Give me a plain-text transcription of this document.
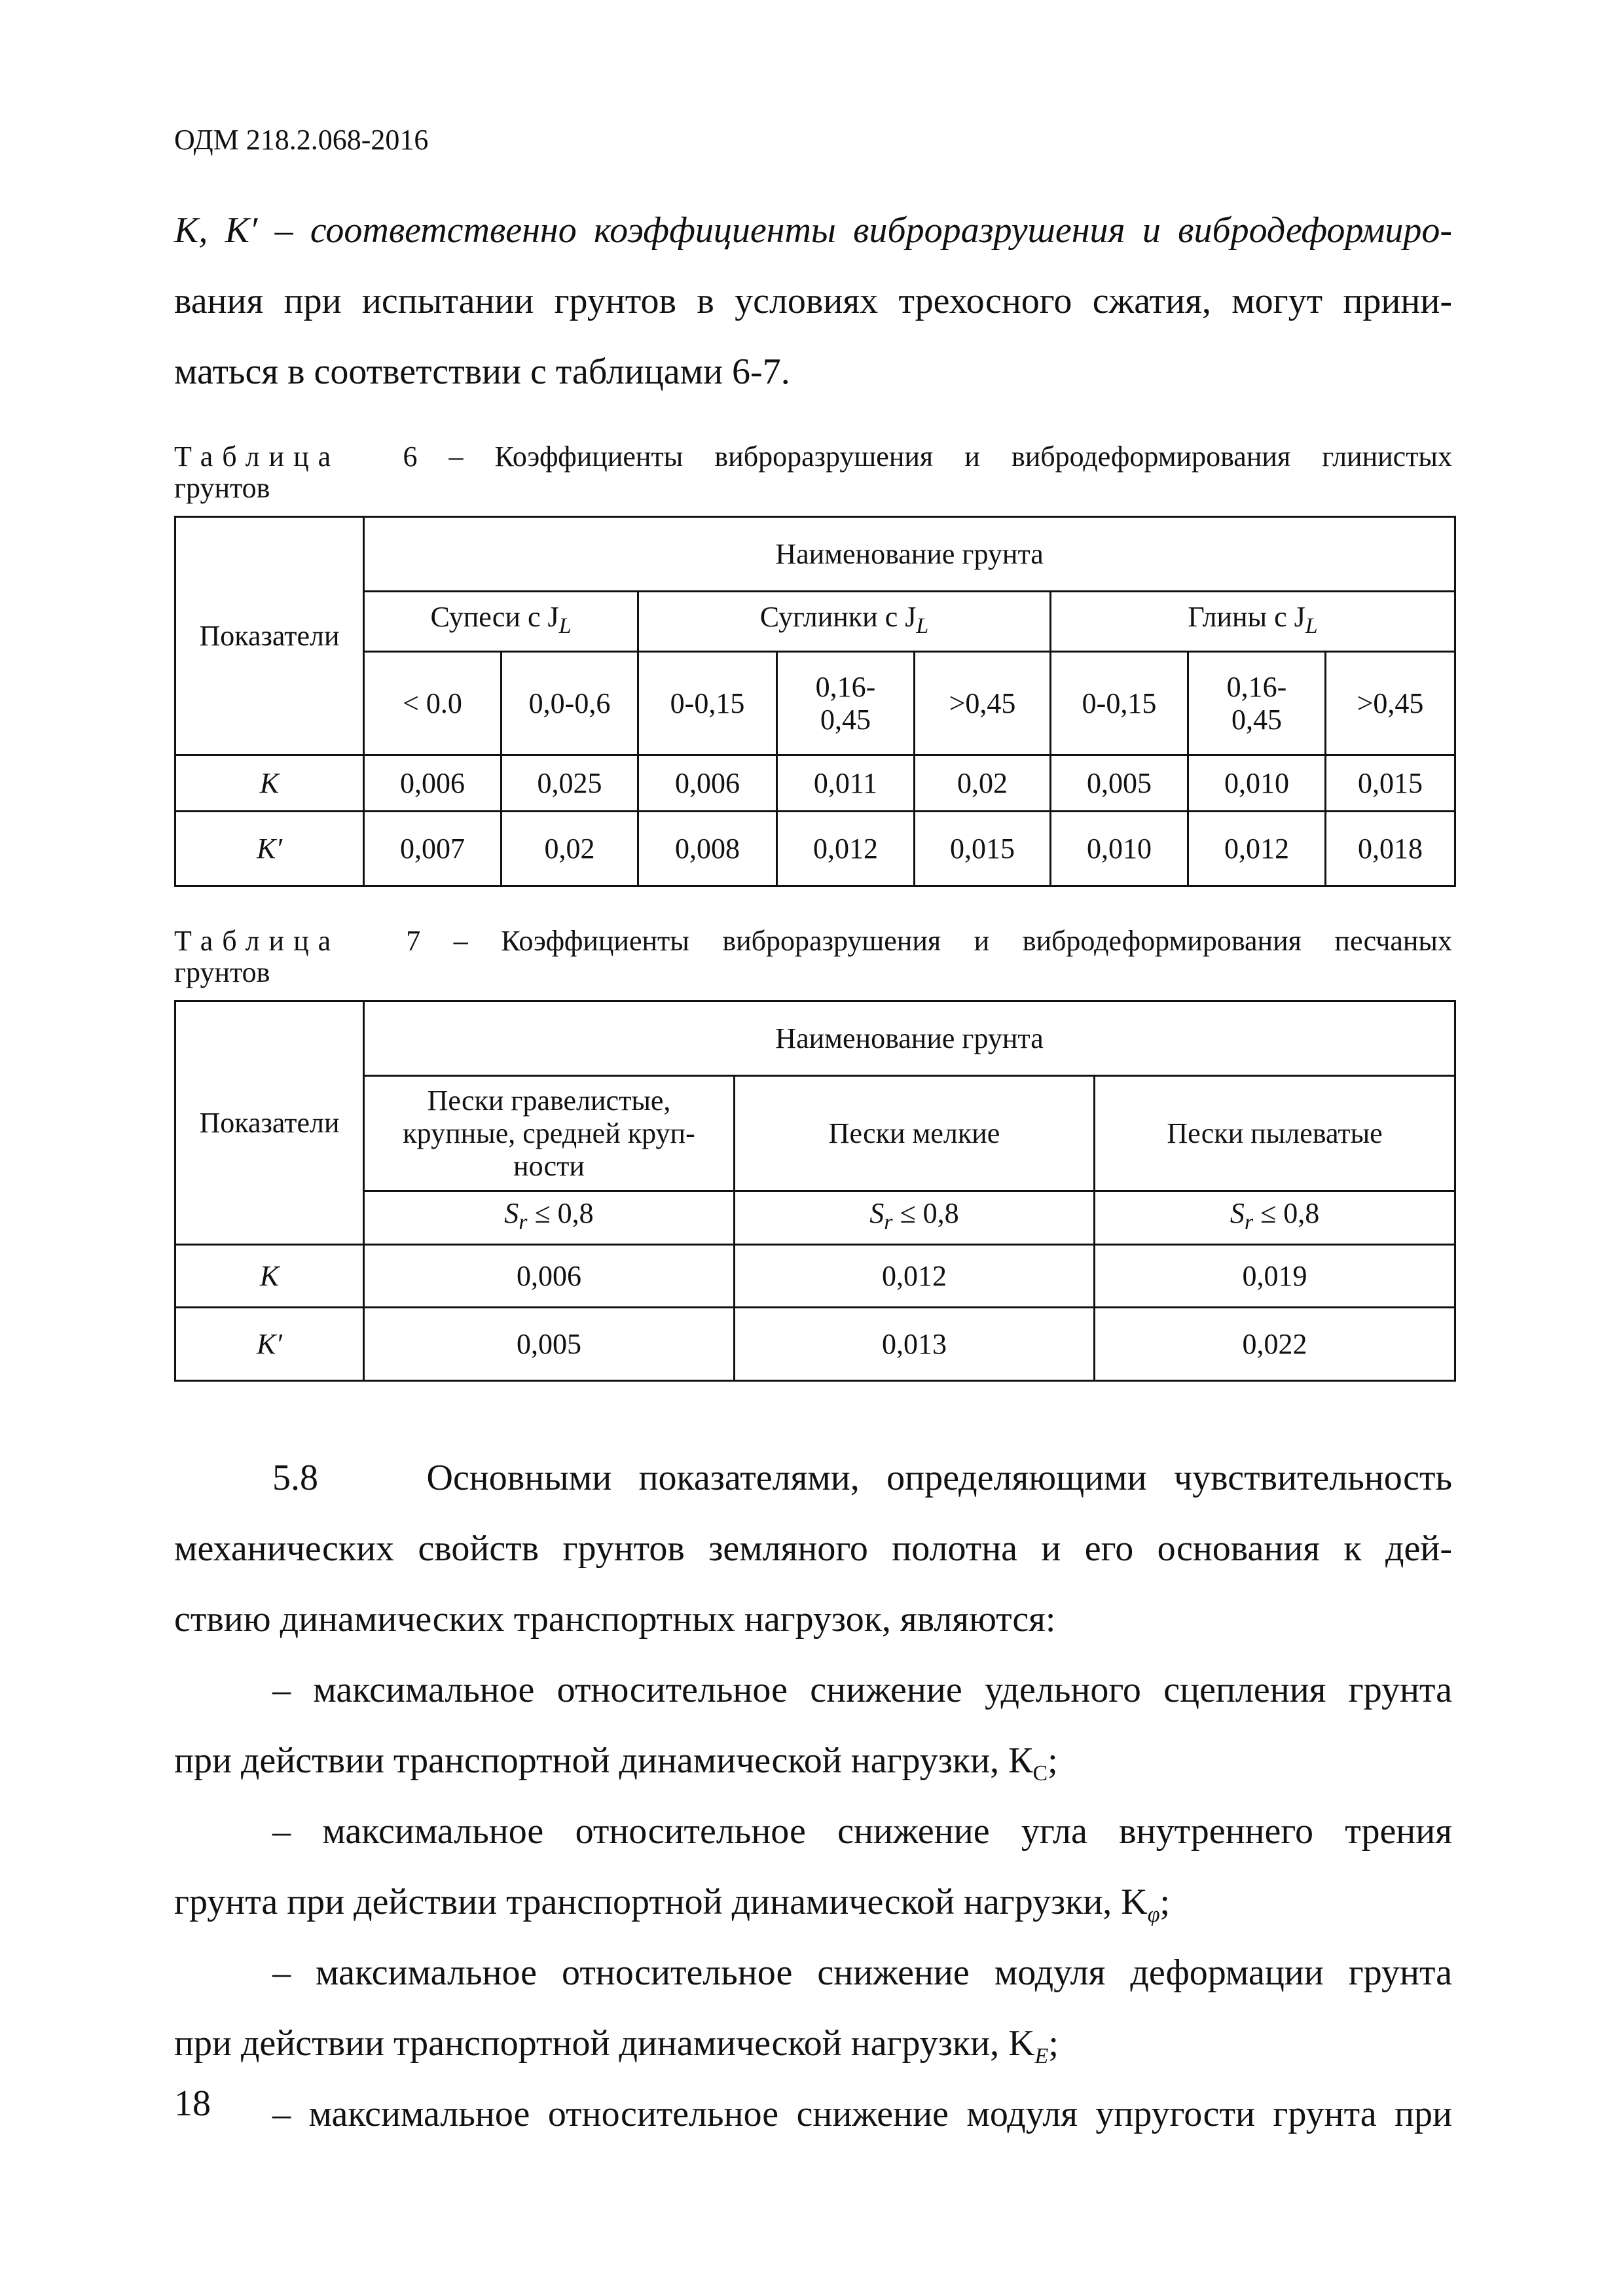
ОДМ 218.2.068-2016
K, K′ – соответственно коэффициенты виброразрушения и вибродеформиро-
вания при испытании грунтов в условиях трехосного сжатия, могут прини-
маться в соответствии с таблицами 6-7.
Таблица 6 – Коэффициенты виброразрушения и вибродеформирования глинистых
грунтов
Показатели	Наименование грунта							
	Супеси с $J_L$		Суглинки с $J_L$			Глины с $J_L$
	< 0.0	0,0-0,6	0-0,15	0,16-
0,45	>0,45	0-0,15	0,16-
0,45	>0,45
K	0,006	0,025	0,006	0,011	0,02	0,005	0,010	0,015
K′	0,007	0,02	0,008	0,012	0,015	0,010	0,012	0,018
Таблица 7 – Коэффициенты виброразрушения и вибродеформирования песчаных
грунтов
Показатели	Наименование грунта		
	Пески гравелистые,
крупные, средней круп-
ности	Пески мелкие	Пески пылеватые
	$S_r \le 0,8$	$S_r \le 0,8$	$S_r \le 0,8$
K	0,006	0,012	0,019
K′	0,005	0,013	0,022
5.8	Основными показателями, определяющими чувствительность
механических свойств грунтов земляного полотна и его основания к дей-
ствию динамических транспортных нагрузок, являются:
– максимальное относительное снижение удельного сцепления грунта
при действии транспортной динамической нагрузки, $К_C$;
– максимальное относительное снижение угла внутреннего трения
грунта при действии транспортной динамической нагрузки, $K_\varphi$;
– максимальное относительное снижение модуля деформации грунта
при действии транспортной динамической нагрузки, $K_E$;
– максимальное относительное снижение модуля упругости грунта при
18
